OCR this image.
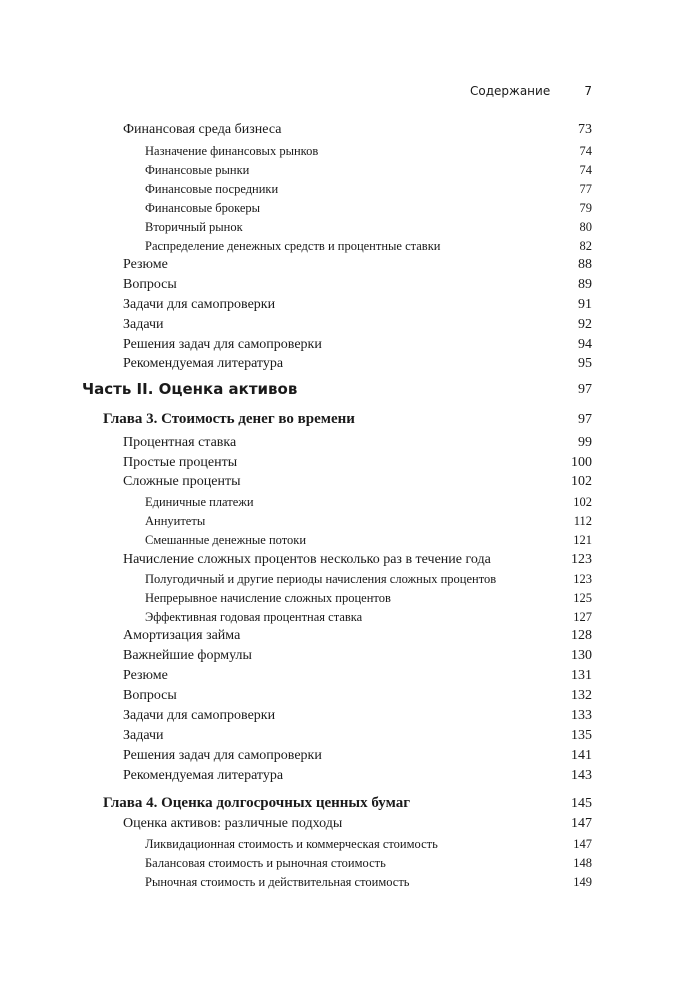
Содержание	7
Финансовая среда бизнеса	73
Назначение финансовых рынков	74
Финансовые рынки	74
Финансовые посредники	77
Финансовые брокеры	79
Вторичный рынок	80
Распределение денежных средств и процентные ставки	82
Резюме	88
Вопросы	89
Задачи для самопроверки	91
Задачи	92
Решения задач для самопроверки	94
Рекомендуемая литература	95
Часть II. Оценка активов	97
Глава 3. Стоимость денег во времени	97
Процентная ставка	99
Простые проценты	100
Сложные проценты	102
Единичные платежи	102
Аннуитеты	112
Смешанные денежные потоки	121
Начисление сложных процентов несколько раз в течение года	123
Полугодичный и другие периоды начисления сложных процентов	123
Непрерывное начисление сложных процентов	125
Эффективная годовая процентная ставка	127
Амортизация займа	128
Важнейшие формулы	130
Резюме	131
Вопросы	132
Задачи для самопроверки	133
Задачи	135
Решения задач для самопроверки	141
Рекомендуемая литература	143
Глава 4. Оценка долгосрочных ценных бумаг	145
Оценка активов: различные подходы	147
Ликвидационная стоимость и коммерческая стоимость	147
Балансовая стоимость и рыночная стоимость	148
Рыночная стоимость и действительная стоимость	149
